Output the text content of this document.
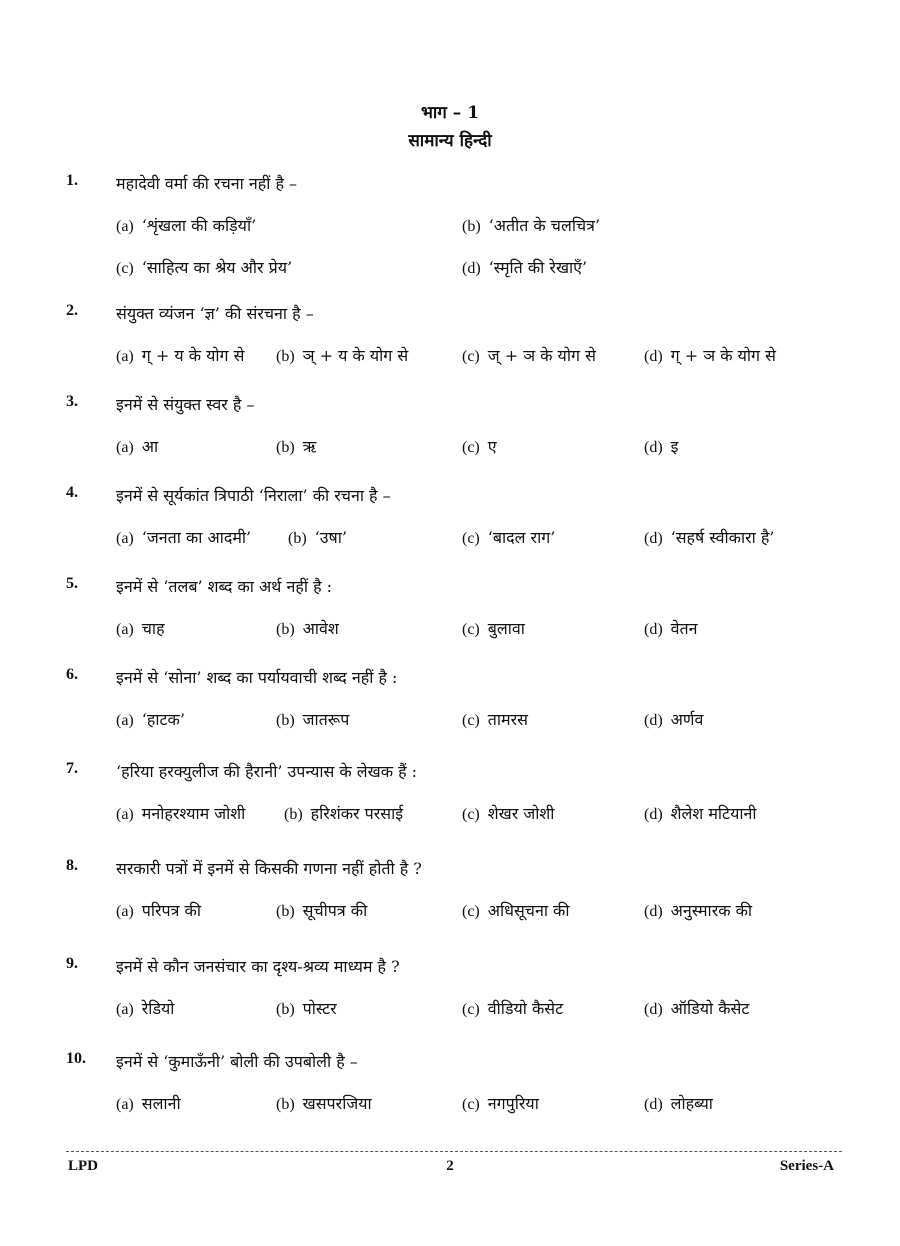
भाग – 1
सामान्य हिन्दी
1.	महादेवी वर्मा की रचना नहीं है –
(a) ‘शृंखला की कड़ियाँ’	(b) ‘अतीत के चलचित्र’
(c) ‘साहित्य का श्रेय और प्रेय’	(d) ‘स्मृति की रेखाएँ’
2.	संयुक्त व्यंजन ‘ज्ञ’ की संरचना है –
(a) ग् + य के योग से (b) ञ् + य के योग से	(c) ज् + ञ के योग से	(d) ग् + ञ के योग से
3.	इनमें से संयुक्त स्वर है –
(a) आ	(b) ऋ	(c) ए	(d) इ
4.	इनमें से सूर्यकांत त्रिपाठी ‘निराला’ की रचना है –
(a) ‘जनता का आदमी’ (b) ‘उषा’	(c) ‘बादल राग’	(d) ‘सहर्ष स्वीकारा है’
5.	इनमें से ‘तलब’ शब्द का अर्थ नहीं है :
(a) चाह	(b) आवेश	(c) बुलावा	(d) वेतन
6.	इनमें से ‘सोना’ शब्द का पर्यायवाची शब्द नहीं है :
(a) ‘हाटक’	(b) जातरूप	(c) तामरस	(d) अर्णव
7.	‘हरिया हरक्युलीज की हैरानी’ उपन्यास के लेखक हैं :
(a) मनोहरश्याम जोशी (b) हरिशंकर परसाई	(c) शेखर जोशी	(d) शैलेश मटियानी
8.	सरकारी पत्रों में इनमें से किसकी गणना नहीं होती है ?
(a) परिपत्र की	(b) सूचीपत्र की	(c) अधिसूचना की	(d) अनुस्मारक की
9.	इनमें से कौन जनसंचार का दृश्य-श्रव्य माध्यम है ?
(a) रेडियो	(b) पोस्टर	(c) वीडियो कैसेट	(d) ऑडियो कैसेट
10.	इनमें से ‘कुमाऊँनी’ बोली की उपबोली है –
(a) सलानी	(b) खसपरजिया	(c) नगपुरिया	(d) लोहब्या
LPD	2	Series-A
